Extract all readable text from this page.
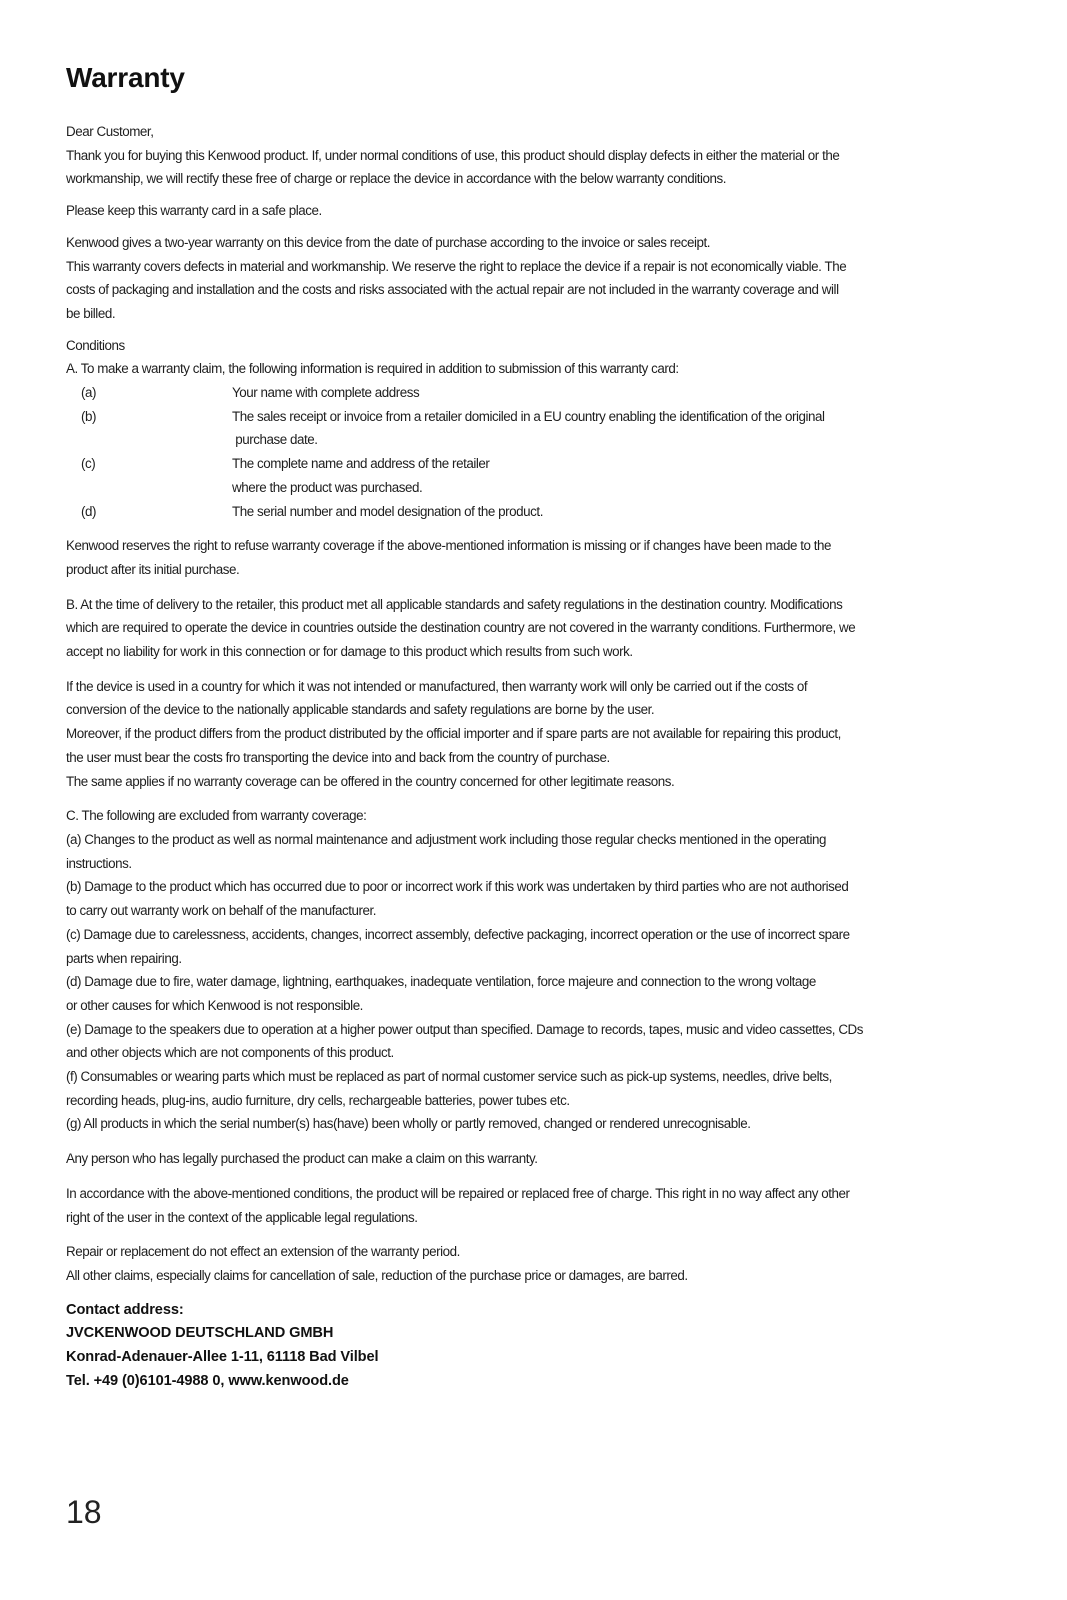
Warranty

Dear Customer,

Thank you for buying this Kenwood product. If, under normal conditions of use, this product should display defects in either the material or the

workmanship, we will rectify these free of charge or replace the device in accordance with the below warranty conditions.

Please keep this warranty card in a safe place.

Kenwood gives a two-year warranty on this device from the date of purchase according to the invoice or sales receipt.

This warranty covers defects in material and workmanship. We reserve the right to replace the device if a repair is not economically viable. The

costs of packaging and installation and the costs and risks associated with the actual repair are not included in the warranty coverage and will

be billed.

Conditions

A. To make a warranty claim, the following information is required in addition to submission of this warranty card:

(a)	Your name with complete address

(b)	The sales receipt or invoice from a retailer domiciled in a EU country enabling the identification of the original

purchase date.

(c)	The complete name and address of the retailer

where the product was purchased.

(d)	The serial number and model designation of the product.

Kenwood reserves the right to refuse warranty coverage if the above-mentioned information is missing or if changes have been made to the

product after its initial purchase.

B. At the time of delivery to the retailer, this product met all applicable standards and safety regulations in the destination country. Modifications

which are required to operate the device in countries outside the destination country are not covered in the warranty conditions. Furthermore, we

accept no liability for work in this connection or for damage to this product which results from such work.

If the device is used in a country for which it was not intended or manufactured, then warranty work will only be carried out if the costs of

conversion of the device to the nationally applicable standards and safety regulations are borne by the user.

Moreover, if the product differs from the product distributed by the official importer and if spare parts are not available for repairing this product,

the user must bear the costs fro transporting the device into and back from the country of purchase.

The same applies if no warranty coverage can be offered in the country concerned for other legitimate reasons.

C. The following are excluded from warranty coverage:

(a) Changes to the product as well as normal maintenance and adjustment work including those regular checks mentioned in the operating

instructions.

(b) Damage to the product which has occurred due to poor or incorrect work if this work was undertaken by third parties who are not authorised

to carry out warranty work on behalf of the manufacturer.

(c) Damage due to carelessness, accidents, changes, incorrect assembly, defective packaging, incorrect operation or the use of incorrect spare

parts when repairing.

(d) Damage due to fire, water damage, lightning, earthquakes, inadequate ventilation, force majeure and connection to the wrong voltage

or other causes for which Kenwood is not responsible.

(e) Damage to the speakers due to operation at a higher power output than specified. Damage to records, tapes, music and video cassettes, CDs

and other objects which are not components of this product.

(f) Consumables or wearing parts which must be replaced as part of normal customer service such as pick-up systems, needles, drive belts,

recording heads, plug-ins, audio furniture, dry cells, rechargeable batteries, power tubes etc.

(g) All products in which the serial number(s) has(have) been wholly or partly removed, changed or rendered unrecognisable.

Any person who has legally purchased the product can make a claim on this warranty.

In accordance with the above-mentioned conditions, the product will be repaired or replaced free of charge. This right in no way affect any other

right of the user in the context of the applicable legal regulations.

Repair or replacement do not effect an extension of the warranty period.

All other claims, especially claims for cancellation of sale, reduction of the purchase price or damages, are barred.

Contact address:

JVCKENWOOD DEUTSCHLAND GMBH

Konrad-Adenauer-Allee 1-11, 61118 Bad Vilbel

Tel. +49 (0)6101-4988 0, www.kenwood.de

18
